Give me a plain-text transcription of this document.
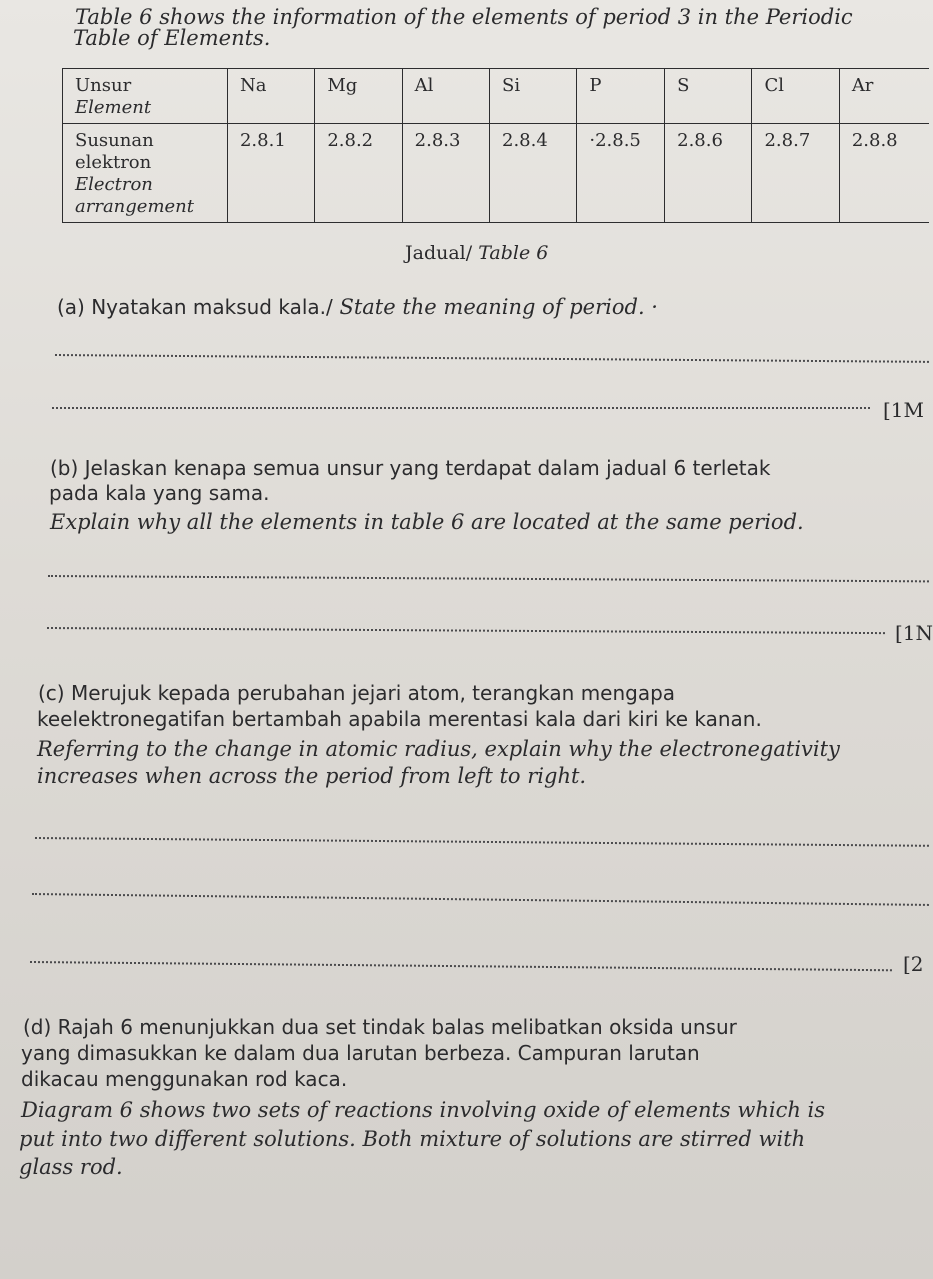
Table 6 shows the information of the elements of period 3 in the Periodic
Table of Elements.
Unsur
Element	Na	Mg	Al	Si	P	S	Cl	Ar

Susunan
elektron
Electron
arrangement	2.8.1	2.8.2	2.8.3	2.8.4	·2.8.5	2.8.6	2.8.7	2.8.8
Jadual/ Table 6
(a) Nyatakan maksud kala./ State the meaning of period. ·
[1M
(b) Jelaskan kenapa semua unsur yang terdapat dalam jadual 6 terletak
pada kala yang sama.
Explain why all the elements in table 6 are located at the same period.
[1N
(c) Merujuk kepada perubahan jejari atom, terangkan mengapa
keelektronegatifan bertambah apabila merentasi kala dari kiri ke kanan.
Referring to the change in atomic radius, explain why the electronegativity
increases when across the period from left to right.
[2
(d) Rajah 6 menunjukkan dua set tindak balas melibatkan oksida unsur
yang dimasukkan ke dalam dua larutan berbeza. Campuran larutan
dikacau menggunakan rod kaca.
Diagram 6 shows two sets of reactions involving oxide of elements which is
put into two different solutions. Both mixture of solutions are stirred with
glass rod.
